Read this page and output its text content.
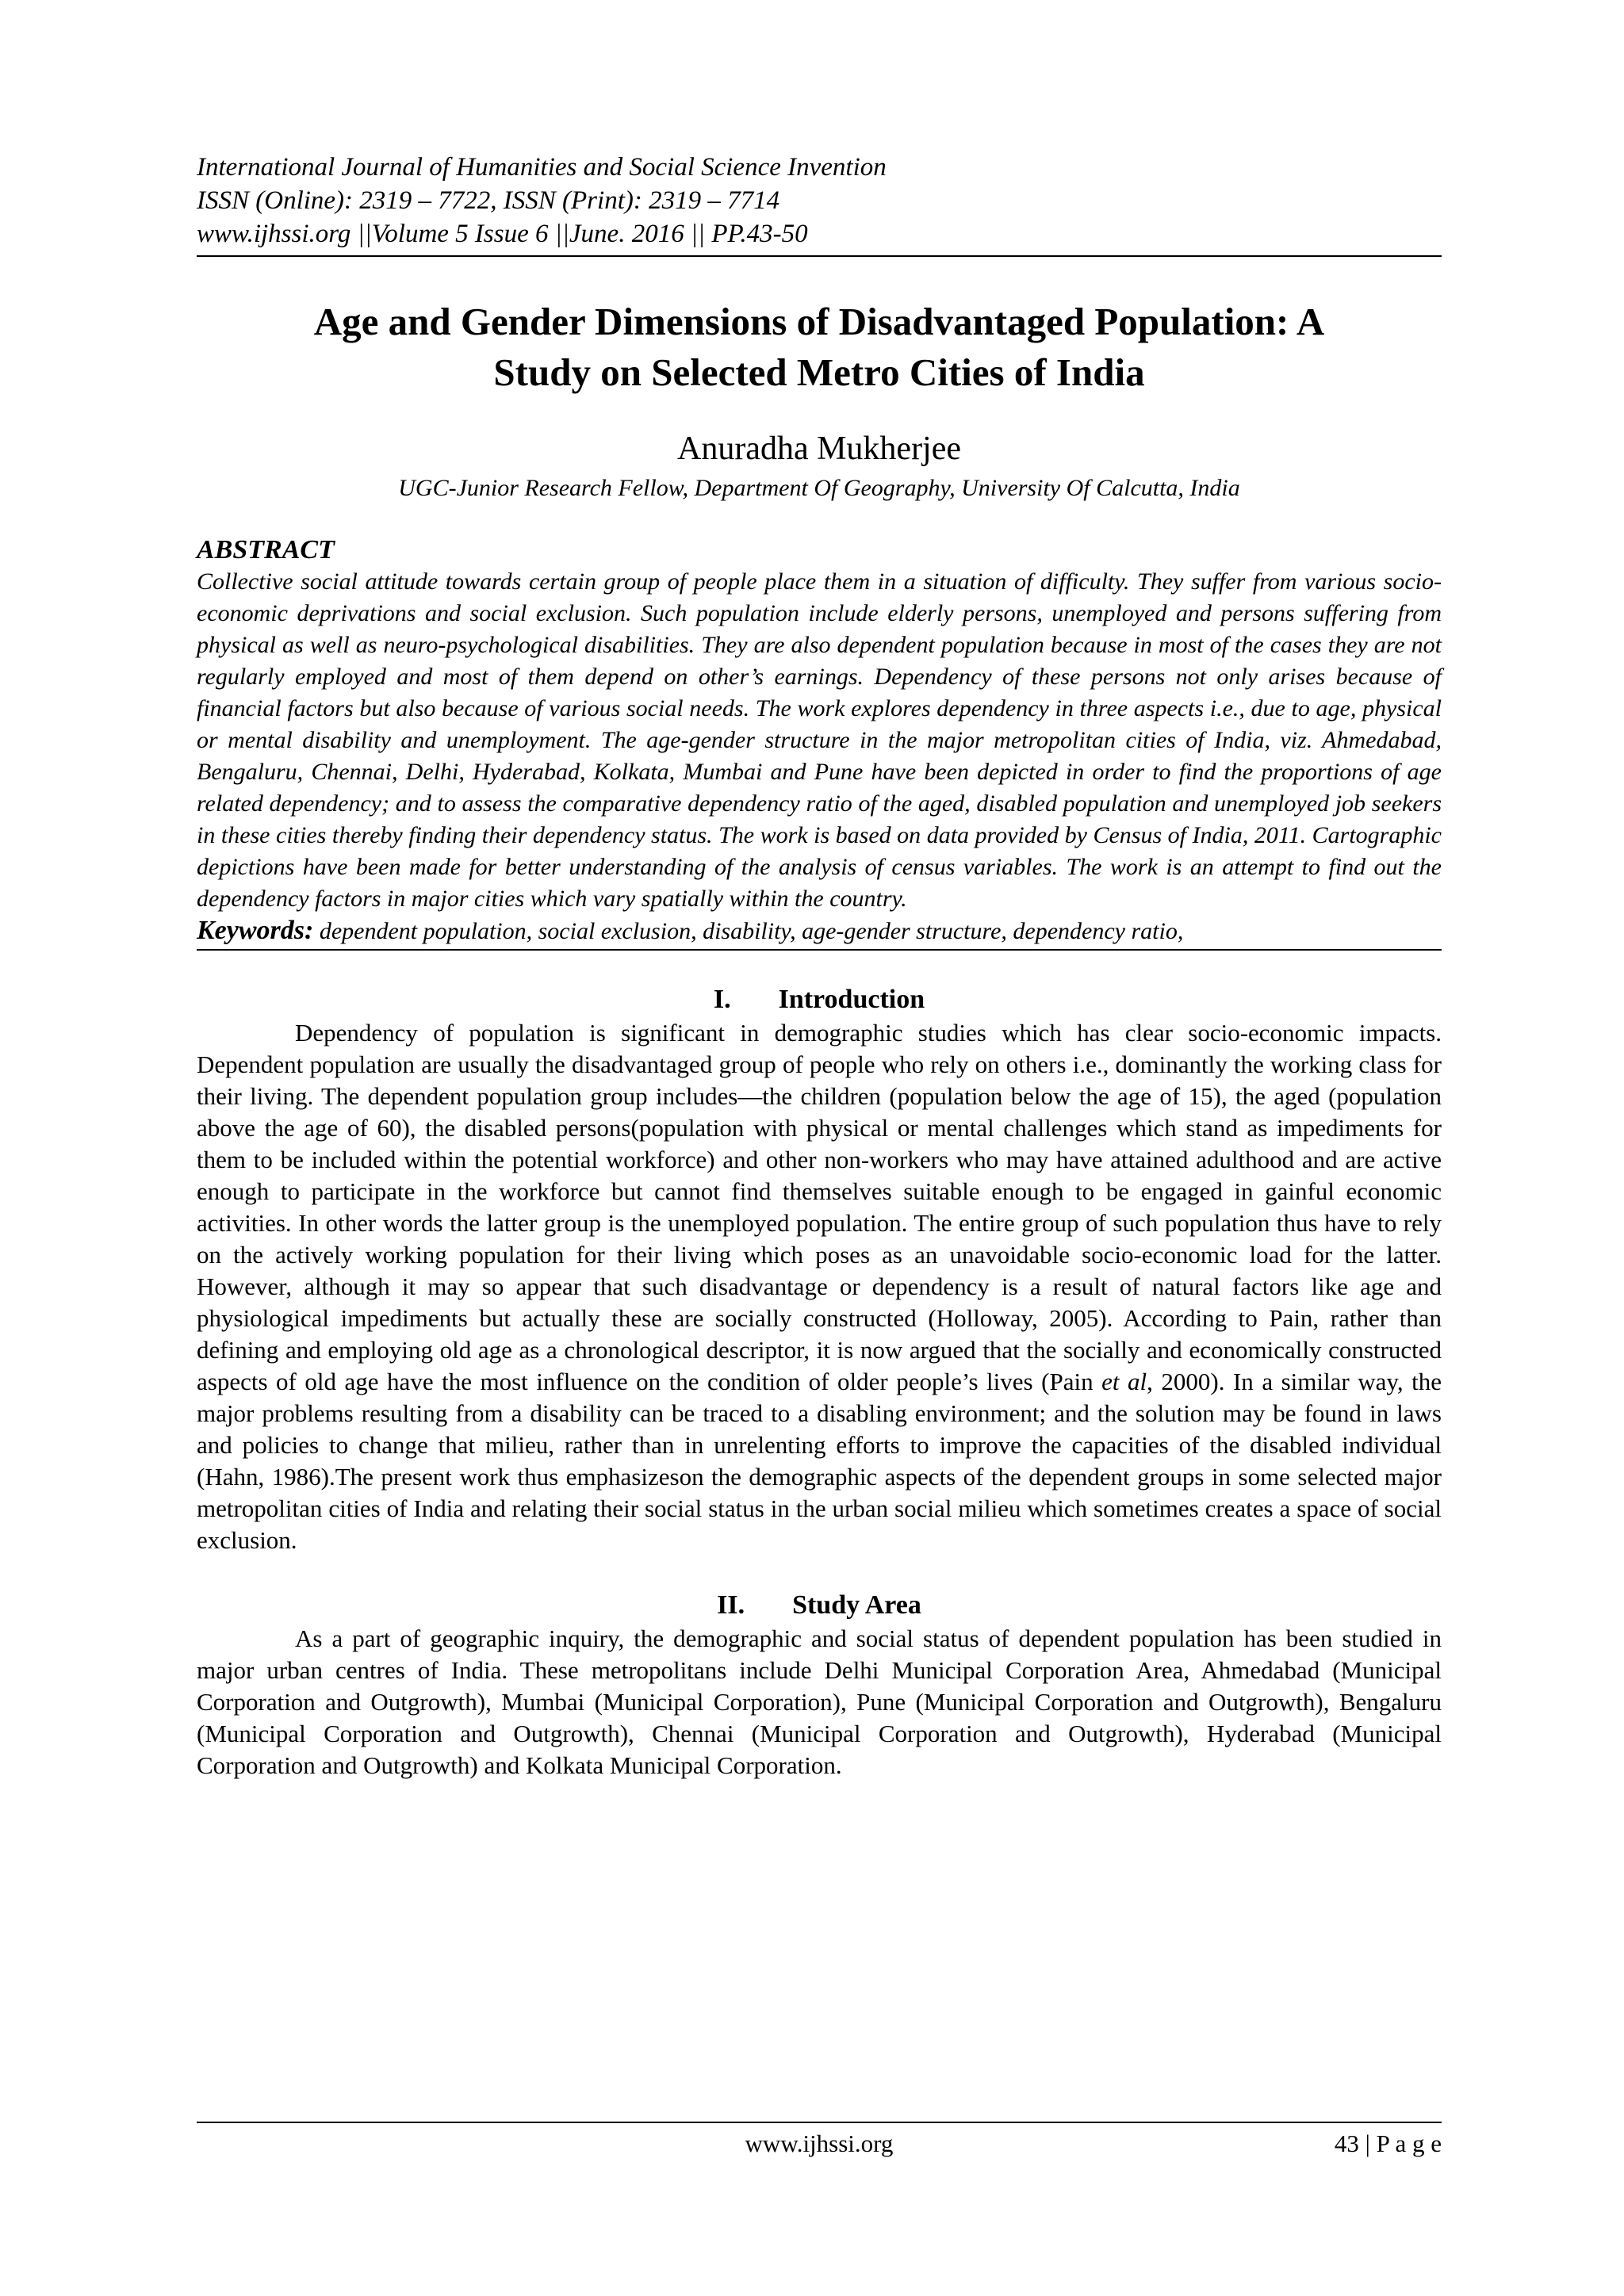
International Journal of Humanities and Social Science Invention
ISSN (Online): 2319 – 7722, ISSN (Print): 2319 – 7714
www.ijhssi.org ||Volume 5 Issue 6 ||June. 2016 || PP.43-50
Age and Gender Dimensions of Disadvantaged Population: A
Study on Selected Metro Cities of India
Anuradha Mukherjee
UGC-Junior Research Fellow, Department Of Geography, University Of Calcutta, India
ABSTRACT

Collective social attitude towards certain group of people place them in a situation of difficulty. They suffer from various socio-economic deprivations and social exclusion. Such population include elderly persons, unemployed and persons suffering from physical as well as neuro-psychological disabilities. They are also dependent population because in most of the cases they are not regularly employed and most of them depend on other’s earnings. Dependency of these persons not only arises because of financial factors but also because of various social needs. The work explores dependency in three aspects i.e., due to age, physical or mental disability and unemployment. The age-gender structure in the major metropolitan cities of India, viz. Ahmedabad, Bengaluru, Chennai, Delhi, Hyderabad, Kolkata, Mumbai and Pune have been depicted in order to find the proportions of age related dependency; and to assess the comparative dependency ratio of the aged, disabled population and unemployed job seekers in these cities thereby finding their dependency status. The work is based on data provided by Census of India, 2011. Cartographic depictions have been made for better understanding of the analysis of census variables. The work is an attempt to find out the dependency factors in major cities which vary spatially within the country.

Keywords: dependent population, social exclusion, disability, age-gender structure, dependency ratio,

I. Introduction

Dependency of population is significant in demographic studies which has clear socio-economic impacts. Dependent population are usually the disadvantaged group of people who rely on others i.e., dominantly the working class for their living. The dependent population group includes—the children (population below the age of 15), the aged (population above the age of 60), the disabled persons(population with physical or mental challenges which stand as impediments for them to be included within the potential workforce) and other non-workers who may have attained adulthood and are active enough to participate in the workforce but cannot find themselves suitable enough to be engaged in gainful economic activities. In other words the latter group is the unemployed population. The entire group of such population thus have to rely on the actively working population for their living which poses as an unavoidable socio-economic load for the latter. However, although it may so appear that such disadvantage or dependency is a result of natural factors like age and physiological impediments but actually these are socially constructed (Holloway, 2005). According to Pain, rather than defining and employing old age as a chronological descriptor, it is now argued that the socially and economically constructed aspects of old age have the most influence on the condition of older people’s lives (Pain et al, 2000). In a similar way, the major problems resulting from a disability can be traced to a disabling environment; and the solution may be found in laws and policies to change that milieu, rather than in unrelenting efforts to improve the capacities of the disabled individual (Hahn, 1986).The present work thus emphasizeson the demographic aspects of the dependent groups in some selected major metropolitan cities of India and relating their social status in the urban social milieu which sometimes creates a space of social exclusion.

II. Study Area

As a part of geographic inquiry, the demographic and social status of dependent population has been studied in major urban centres of India. These metropolitans include Delhi Municipal Corporation Area, Ahmedabad (Municipal Corporation and Outgrowth), Mumbai (Municipal Corporation), Pune (Municipal Corporation and Outgrowth), Bengaluru (Municipal Corporation and Outgrowth), Chennai (Municipal Corporation and Outgrowth), Hyderabad (Municipal Corporation and Outgrowth) and Kolkata Municipal Corporation.

www.ijhssi.org	43 | P a g e
